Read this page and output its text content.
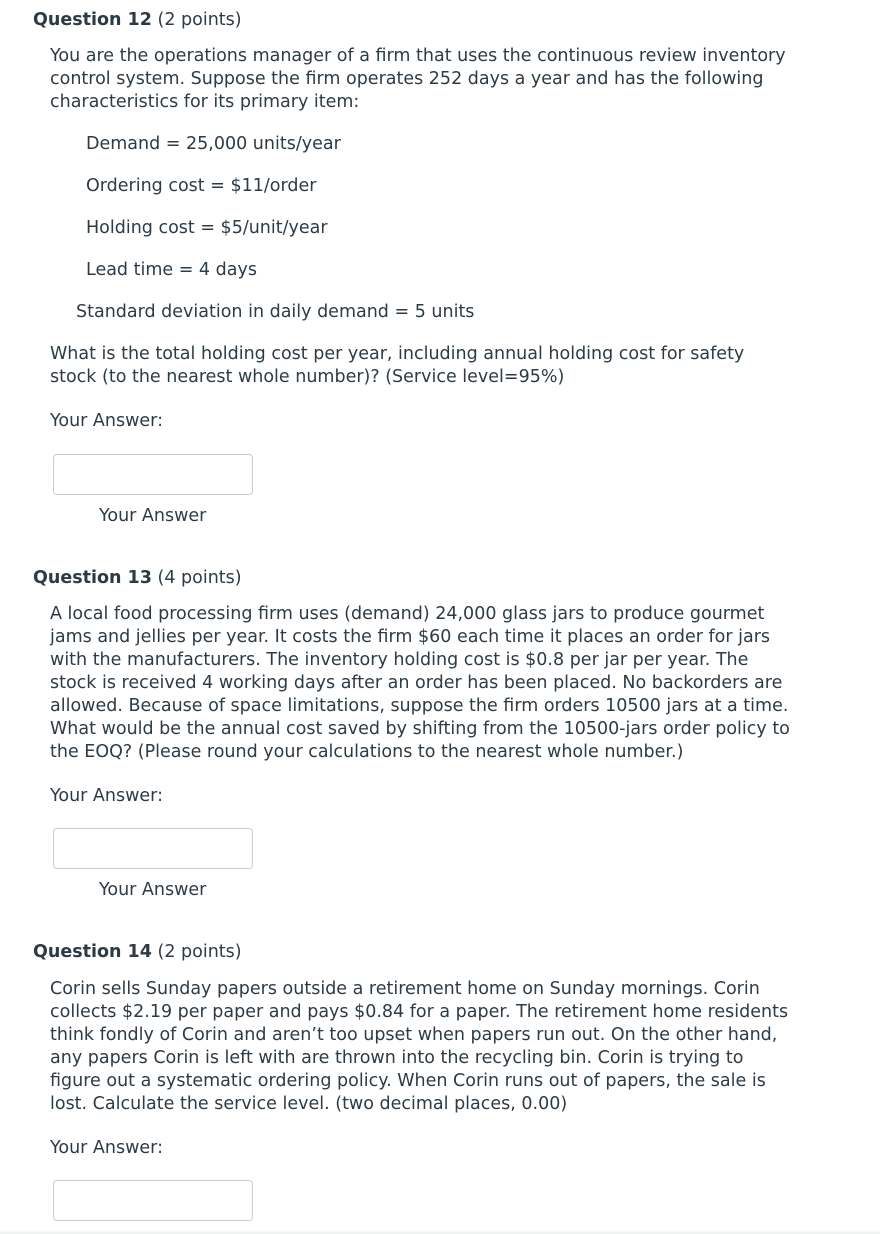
Question 12 (2 points)
You are the operations manager of a firm that uses the continuous review inventory control system. Suppose the firm operates 252 days a year and has the following characteristics for its primary item:
Demand = 25,000 units/year
Ordering cost = $11/order
Holding cost = $5/unit/year
Lead time = 4 days
Standard deviation in daily demand = 5 units
What is the total holding cost per year, including annual holding cost for safety stock (to the nearest whole number)? (Service level=95%)
Your Answer:
Your Answer
Question 13 (4 points)
A local food processing firm uses (demand) 24,000 glass jars to produce gourmet jams and jellies per year. It costs the firm $60 each time it places an order for jars with the manufacturers. The inventory holding cost is $0.8 per jar per year. The stock is received 4 working days after an order has been placed. No backorders are allowed. Because of space limitations, suppose the firm orders 10500 jars at a time. What would be the annual cost saved by shifting from the 10500-jars order policy to the EOQ? (Please round your calculations to the nearest whole number.)
Your Answer:
Your Answer
Question 14 (2 points)
Corin sells Sunday papers outside a retirement home on Sunday mornings. Corin collects $2.19 per paper and pays $0.84 for a paper. The retirement home residents think fondly of Corin and aren’t too upset when papers run out. On the other hand, any papers Corin is left with are thrown into the recycling bin. Corin is trying to figure out a systematic ordering policy. When Corin runs out of papers, the sale is lost. Calculate the service level. (two decimal places, 0.00)
Your Answer:
